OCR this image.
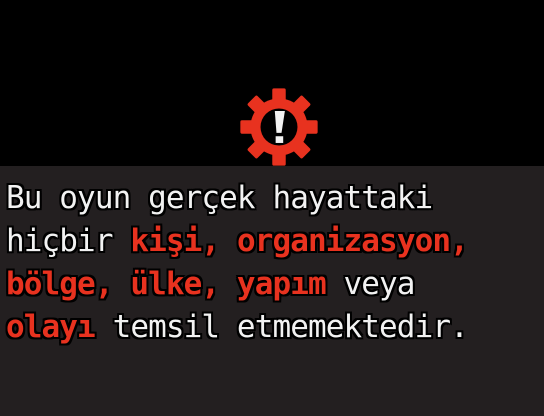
Bu oyun gerçek hayattaki
hiçbir kişi, organizasyon,
bölge, ülke, yapım veya
olayı temsil etmemektedir.
